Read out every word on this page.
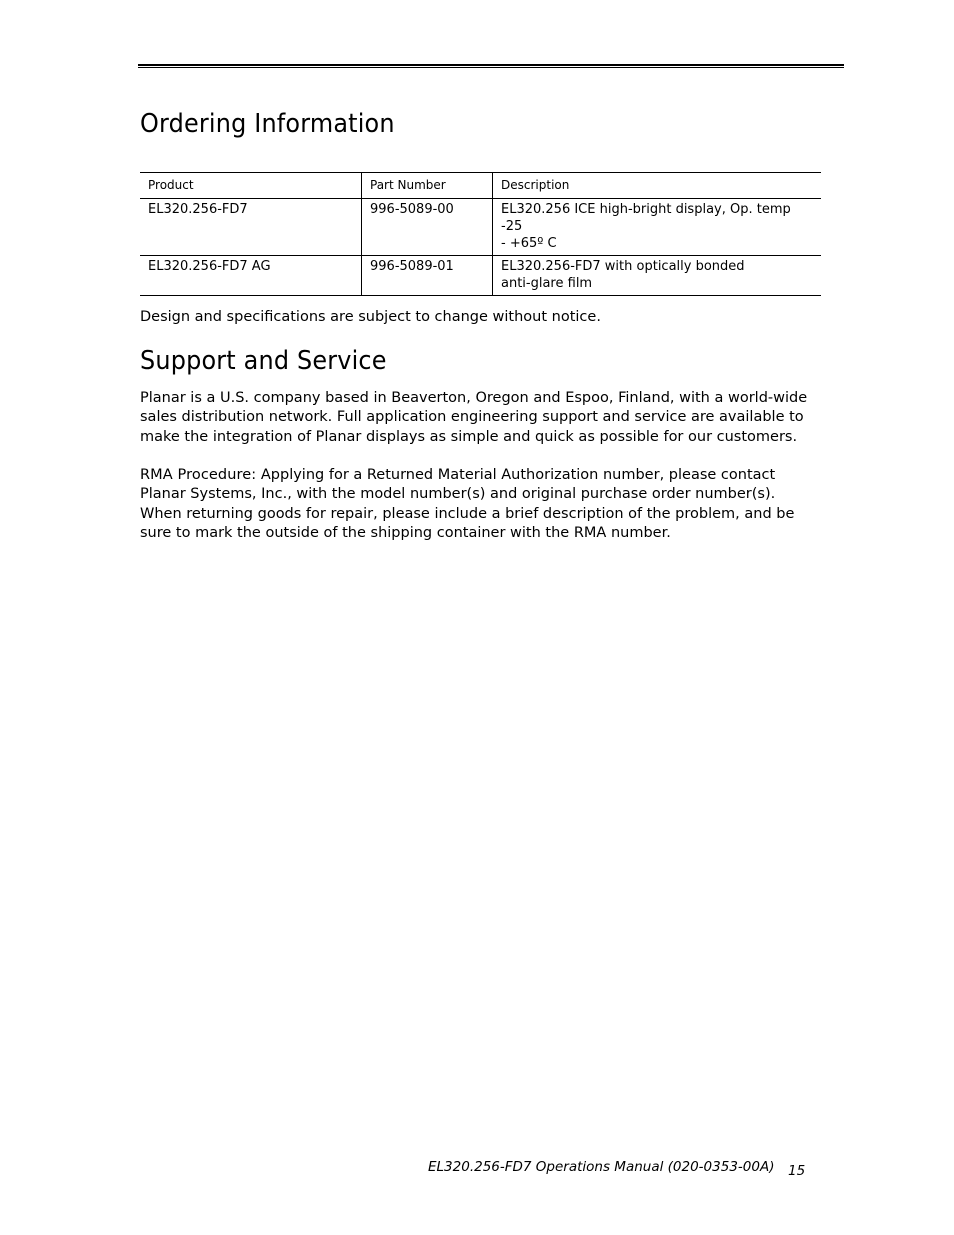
Ordering Information
Product	Part Number	Description
EL320.256-FD7	996-5089-00	EL320.256 ICE high-bright display, Op. temp -25
- +65º C
EL320.256-FD7 AG	996-5089-01	EL320.256-FD7 with optically bonded
anti-glare film

Design and specifications are subject to change without notice.

Support and Service

Planar is a U.S. company based in Beaverton, Oregon and Espoo, Finland, with a world-wide sales distribution network. Full application engineering support and service are available to make the integration of Planar displays as simple and quick as possible for our customers.

RMA Procedure: Applying for a Returned Material Authorization number, please contact Planar Systems, Inc., with the model number(s) and original purchase order number(s). When returning goods for repair, please include a brief description of the problem, and be sure to mark the outside of the shipping container with the RMA number.

EL320.256-FD7 Operations Manual (020-0353-00A) 15
